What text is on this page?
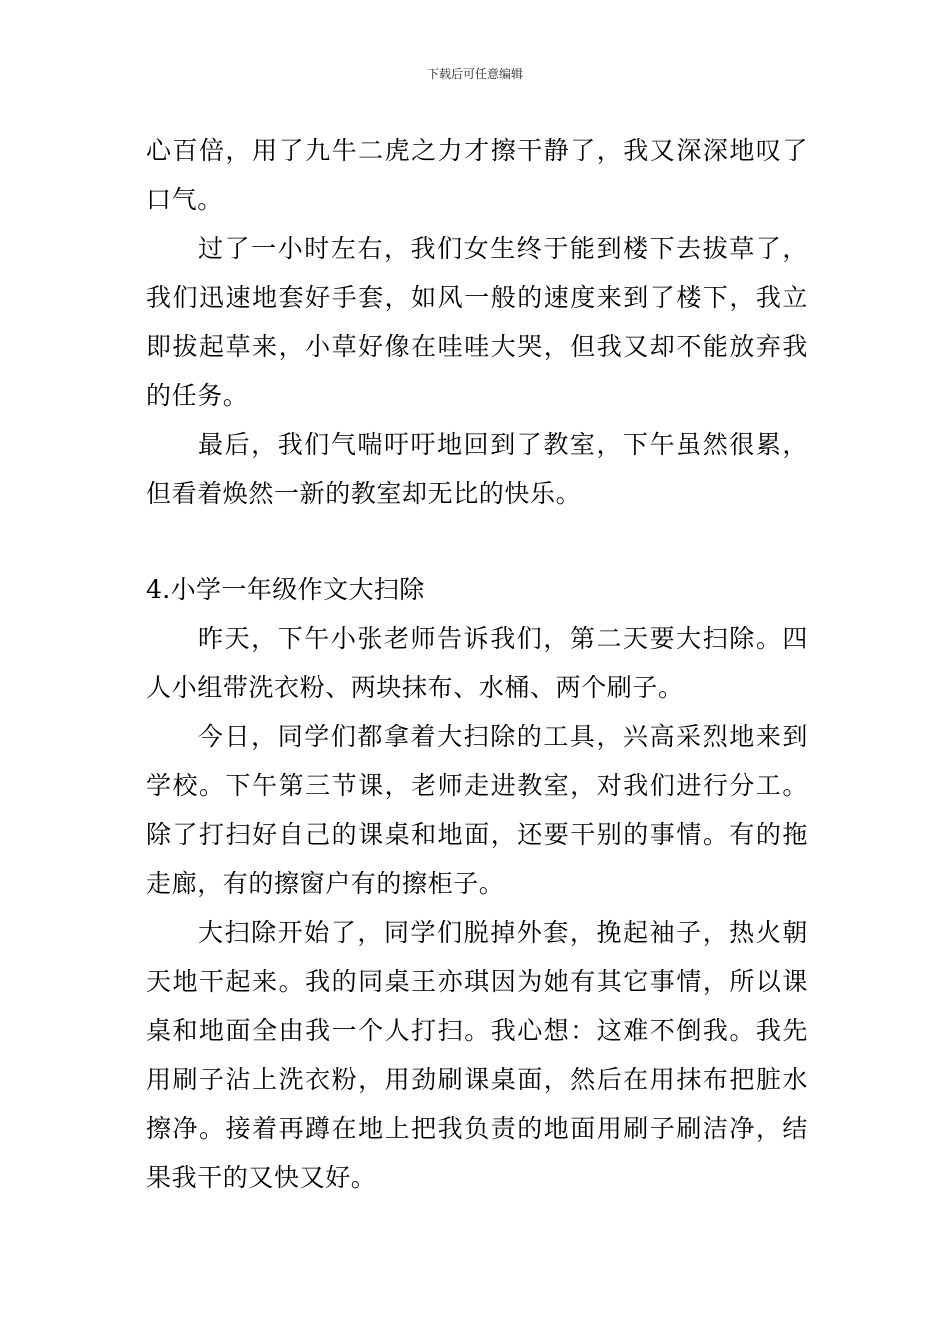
下载后可任意编辑

心百倍，用了九牛二虎之力才擦干静了，我又深深地叹了口气。

过了一小时左右，我们女生终于能到楼下去拔草了，我们迅速地套好手套，如风一般的速度来到了楼下，我立即拔起草来，小草好像在哇哇大哭，但我又却不能放弃我的任务。

最后，我们气喘吁吁地回到了教室，下午虽然很累，但看着焕然一新的教室却无比的快乐。

4.小学一年级作文大扫除

昨天，下午小张老师告诉我们，第二天要大扫除。四人小组带洗衣粉、两块抹布、水桶、两个刷子。

今日，同学们都拿着大扫除的工具，兴高采烈地来到学校。下午第三节课，老师走进教室，对我们进行分工。除了打扫好自己的课桌和地面，还要干别的事情。有的拖走廊，有的擦窗户有的擦柜子。

大扫除开始了，同学们脱掉外套，挽起袖子，热火朝天地干起来。我的同桌王亦琪因为她有其它事情，所以课桌和地面全由我一个人打扫。我心想：这难不倒我。我先用刷子沾上洗衣粉，用劲刷课桌面，然后在用抹布把脏水擦净。接着再蹲在地上把我负责的地面用刷子刷洁净，结果我干的又快又好。
